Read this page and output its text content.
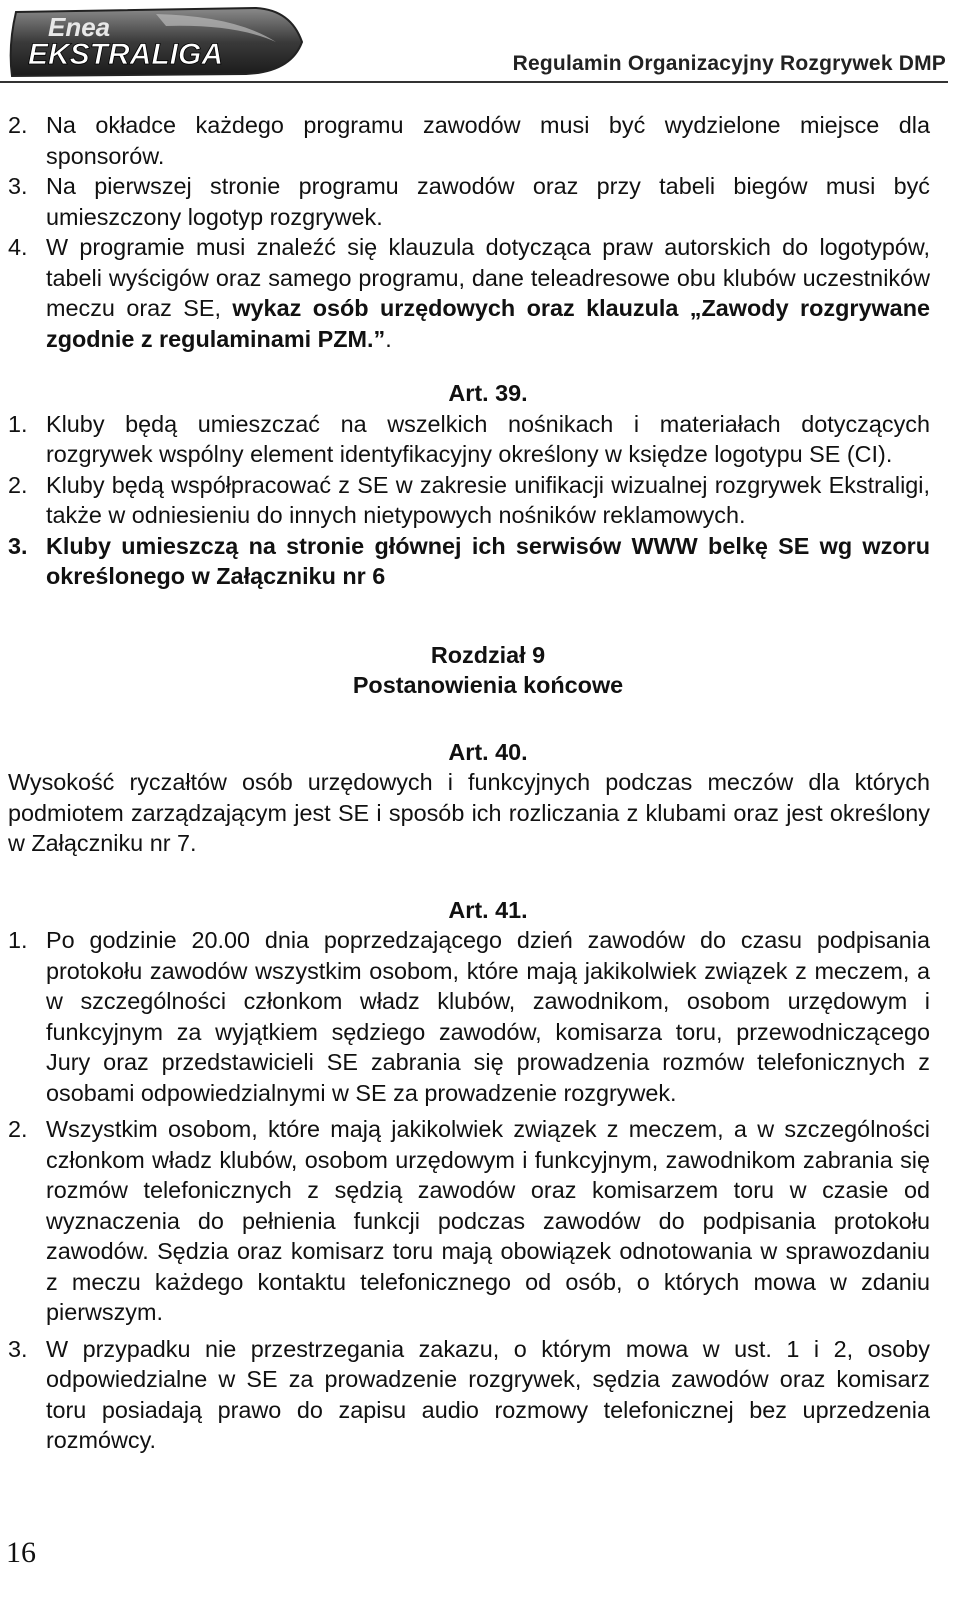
Enea
EKSTRALIGA	Regulamin Organizacyjny Rozgrywek DMP
2. Na okładce każdego programu zawodów musi być wydzielone miejsce dla sponsorów.
3. Na pierwszej stronie programu zawodów oraz przy tabeli biegów musi być umieszczony logotyp rozgrywek.
4. W programie musi znaleźć się klauzula dotycząca praw autorskich do logotypów, tabeli wyścigów oraz samego programu, dane teleadresowe obu klubów uczestników meczu oraz SE, wykaz osób urzędowych oraz klauzula „Zawody rozgrywane zgodnie z regulaminami PZM.”.
Art. 39.
1. Kluby będą umieszczać na wszelkich nośnikach i materiałach dotyczących rozgrywek wspólny element identyfikacyjny określony w księdze logotypu SE (CI).
2. Kluby będą współpracować z SE w zakresie unifikacji wizualnej rozgrywek Ekstraligi, także w odniesieniu do innych nietypowych nośników reklamowych.
3. Kluby umieszczą na stronie głównej ich serwisów WWW belkę SE wg wzoru określonego w Załączniku nr 6
Rozdział 9
Postanowienia końcowe
Art. 40.
Wysokość ryczałtów osób urzędowych i funkcyjnych podczas meczów dla których podmiotem zarządzającym jest SE i sposób ich rozliczania z klubami oraz jest określony w Załączniku nr 7.
Art. 41.
1. Po godzinie 20.00 dnia poprzedzającego dzień zawodów do czasu podpisania protokołu zawodów wszystkim osobom, które mają jakikolwiek związek z meczem, a w szczególności członkom władz klubów, zawodnikom, osobom urzędowym i funkcyjnym za wyjątkiem sędziego zawodów, komisarza toru, przewodniczącego Jury oraz przedstawicieli SE zabrania się prowadzenia rozmów telefonicznych z osobami odpowiedzialnymi w SE za prowadzenie rozgrywek.
2. Wszystkim osobom, które mają jakikolwiek związek z meczem, a w szczególności członkom władz klubów, osobom urzędowym i funkcyjnym, zawodnikom zabrania się rozmów telefonicznych z sędzią zawodów oraz komisarzem toru w czasie od wyznaczenia do pełnienia funkcji podczas zawodów do podpisania protokołu zawodów. Sędzia oraz komisarz toru mają obowiązek odnotowania w sprawozdaniu z meczu każdego kontaktu telefonicznego od osób, o których mowa w zdaniu pierwszym.
3. W przypadku nie przestrzegania zakazu, o którym mowa w ust. 1 i 2, osoby odpowiedzialne w SE za prowadzenie rozgrywek, sędzia zawodów oraz komisarz toru posiadają prawo do zapisu audio rozmowy telefonicznej bez uprzedzenia rozmówcy.
16
